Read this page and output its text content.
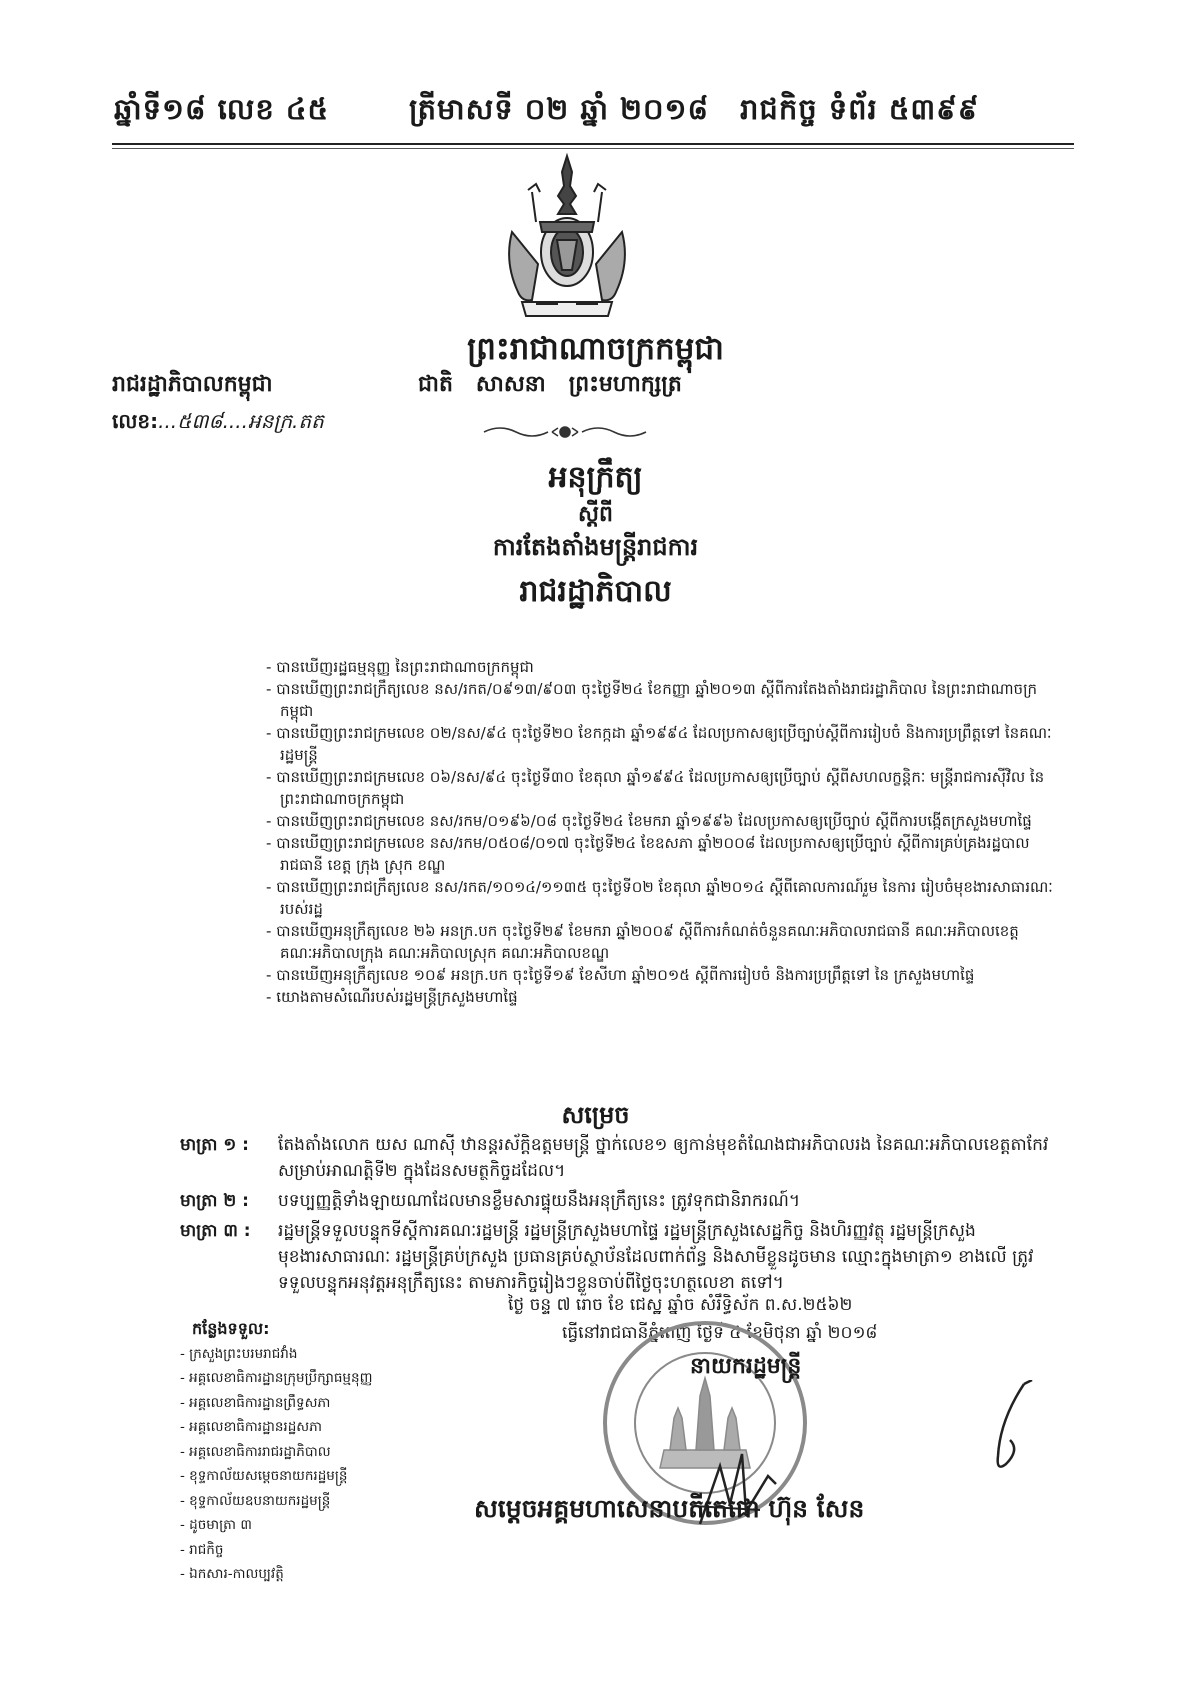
ឆ្នាំទី១៨ លេខ ៤៥	ត្រីមាសទី ០២ ឆ្នាំ ២០១៨ រាជកិច្ច ទំព័រ ៥៣៩៩
ព្រះរាជាណាចក្រកម្ពុជា
រាជរដ្ឋាភិបាលកម្ពុជា	ជាតិ   សាសនា   ព្រះមហាក្សត្រ
លេខ:...៥៣៨....អនក្រ.តត
អនុក្រឹត្យ
ស្តីពី
ការតែងតាំងមន្ត្រីរាជការ
រាជរដ្ឋាភិបាល

- បានឃើញរដ្ឋធម្មនុញ្ញ នៃព្រះរាជាណាចក្រកម្ពុជា

- បានឃើញព្រះរាជក្រឹត្យលេខ នស/រកត/០៩១៣/៩០៣ ចុះថ្ងៃទី២៤ ខែកញ្ញា ឆ្នាំ២០១៣ ស្តីពីការតែងតាំងរាជរដ្ឋាភិបាល នៃព្រះរាជាណាចក្រកម្ពុជា

- បានឃើញព្រះរាជក្រមលេខ ០២/នស/៩៤ ចុះថ្ងៃទី២០ ខែកក្កដា ឆ្នាំ១៩៩៤ ដែលប្រកាសឲ្យប្រើច្បាប់ស្តីពីការរៀបចំ និងការប្រព្រឹត្តទៅ នៃគណៈរដ្ឋមន្ត្រី

- បានឃើញព្រះរាជក្រមលេខ ០៦/នស/៩៤ ចុះថ្ងៃទី៣០ ខែតុលា ឆ្នាំ១៩៩៤ ដែលប្រកាសឲ្យប្រើច្បាប់ ស្តីពីសហលក្ខន្តិកៈ មន្ត្រីរាជការស៊ីវិល នៃព្រះរាជាណាចក្រកម្ពុជា

- បានឃើញព្រះរាជក្រមលេខ នស/រកម/០១៩៦/០៨ ចុះថ្ងៃទី២៤ ខែមករា ឆ្នាំ១៩៩៦ ដែលប្រកាសឲ្យប្រើច្បាប់ ស្តីពីការបង្កើតក្រសួងមហាផ្ទៃ

- បានឃើញព្រះរាជក្រមលេខ នស/រកម/០៥០៨/០១៧ ចុះថ្ងៃទី២៤ ខែឧសភា ឆ្នាំ២០០៨ ដែលប្រកាសឲ្យប្រើច្បាប់ ស្តីពីការគ្រប់គ្រងរដ្ឋបាលរាជធានី ខេត្ត ក្រុង ស្រុក ខណ្ឌ

- បានឃើញព្រះរាជក្រឹត្យលេខ នស/រកត/១០១៤/១១៣៥ ចុះថ្ងៃទី០២ ខែតុលា ឆ្នាំ២០១៤ ស្តីពីគោលការណ៍រួម នៃការ រៀបចំមុខងារសាធារណៈរបស់រដ្ឋ

- បានឃើញអនុក្រឹត្យលេខ ២៦ អនក្រ.បក ចុះថ្ងៃទី២៩ ខែមករា ឆ្នាំ២០០៩ ស្តីពីការកំណត់ចំនួនគណៈអភិបាលរាជធានី គណៈអភិបាលខេត្ត គណៈអភិបាលក្រុង គណៈអភិបាលស្រុក គណៈអភិបាលខណ្ឌ

- បានឃើញអនុក្រឹត្យលេខ ១០៩ អនក្រ.បក ចុះថ្ងៃទី១៩ ខែសីហា ឆ្នាំ២០១៥ ស្តីពីការរៀបចំ និងការប្រព្រឹត្តទៅ នៃ ក្រសួងមហាផ្ទៃ

- យោងតាមសំណើរបស់រដ្ឋមន្ត្រីក្រសួងមហាផ្ទៃ

សម្រេច
មាត្រា ១ :	តែងតាំងលោក យស ណាស៊ី ឋានន្តរស័ក្តិឧត្តមមន្ត្រី ថ្នាក់លេខ១ ឲ្យកាន់មុខតំណែងជាអភិបាលរង នៃគណៈអភិបាលខេត្តតាកែវ សម្រាប់អាណត្តិទី២ ក្នុងដែនសមត្ថកិច្ចដដែល។
មាត្រា ២ :	បទប្បញ្ញត្តិទាំងឡាយណាដែលមានខ្លឹមសារផ្ទុយនឹងអនុក្រឹត្យនេះ ត្រូវទុកជានិរាករណ៍។
មាត្រា ៣ :	រដ្ឋមន្ត្រីទទួលបន្ទុកទីស្តីការគណៈរដ្ឋមន្ត្រី រដ្ឋមន្ត្រីក្រសួងមហាផ្ទៃ រដ្ឋមន្ត្រីក្រសួងសេដ្ឋកិច្ច និងហិរញ្ញវត្ថុ រដ្ឋមន្ត្រីក្រសួងមុខងារសាធារណៈ រដ្ឋមន្ត្រីគ្រប់ក្រសួង ប្រធានគ្រប់ស្ថាប័នដែលពាក់ព័ន្ធ និងសាមីខ្លួនដូចមាន ឈ្មោះក្នុងមាត្រា១ ខាងលើ ត្រូវទទួលបន្ទុកអនុវត្តអនុក្រឹត្យនេះ តាមភារកិច្ចរៀងៗខ្លួនចាប់ពីថ្ងៃចុះហត្ថលេខា តទៅ។
ថ្ងៃ ចន្ទ ៧ រោច ខែ ជេស្ឋ ឆ្នាំច សំរឹទ្ធិស័ក ព.ស.២៥៦២
ធ្វើនៅរាជធានីភ្នំពេញ ថ្ងៃទី ៤ ខែមិថុនា ឆ្នាំ ២០១៨
នាយករដ្ឋមន្ត្រី
សម្តេចអគ្គមហាសេនាបតីតេជោ ហ៊ុន សែន
កន្លែងទទួល:
- ក្រសួងព្រះបរមរាជវាំង
- អគ្គលេខាធិការដ្ឋានក្រុមប្រឹក្សាធម្មនុញ្ញ
- អគ្គលេខាធិការដ្ឋានព្រឹទ្ធសភា
- អគ្គលេខាធិការដ្ឋានរដ្ឋសភា
- អគ្គលេខាធិការរាជរដ្ឋាភិបាល
- ខុទ្ទកាល័យសម្តេចនាយករដ្ឋមន្ត្រី
- ខុទ្ទកាល័យឧបនាយករដ្ឋមន្ត្រី
- ដូចមាត្រា ៣
- រាជកិច្ច
- ឯកសារ-កាលប្បវត្តិ
